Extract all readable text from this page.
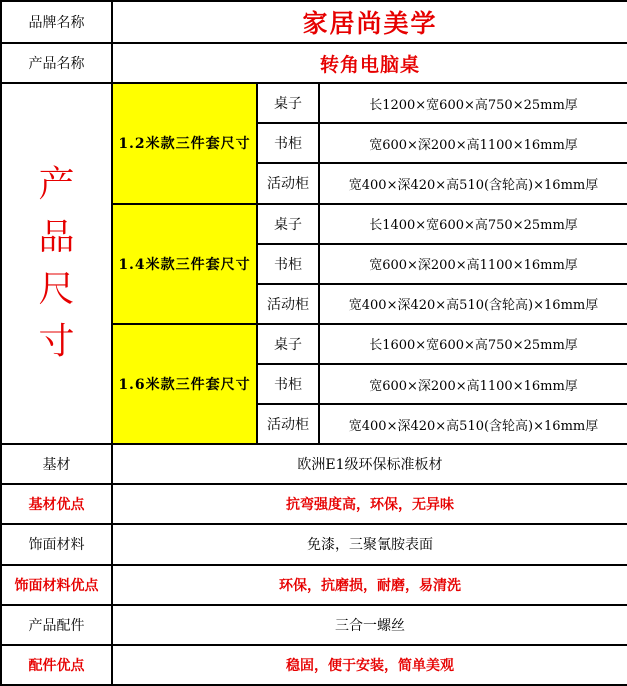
品牌名称	家居尚美学		
产品名称	转角电脑桌		

产
品
尺
寸	1.2米款三件套尺寸	桌子	长1200×宽600×高750×25mm厚
		书柜	宽600×深200×高1100×16mm厚
		活动柜	宽400×深420×高510(含轮高)×16mm厚
	1.4米款三件套尺寸	桌子	长1400×宽600×高750×25mm厚
		书柜	宽600×深200×高1100×16mm厚
		活动柜	宽400×深420×高510(含轮高)×16mm厚
	1.6米款三件套尺寸	桌子	长1600×宽600×高750×25mm厚
		书柜	宽600×深200×高1100×16mm厚
		活动柜	宽400×深420×高510(含轮高)×16mm厚
基材	欧洲E1级环保标准板材		
基材优点	抗弯强度高，环保，无异味		
饰面材料	免漆，三聚氰胺表面		
饰面材料优点	环保，抗磨损，耐磨，易清洗		
产品配件	三合一螺丝		
配件优点	稳固，便于安装，简单美观		
